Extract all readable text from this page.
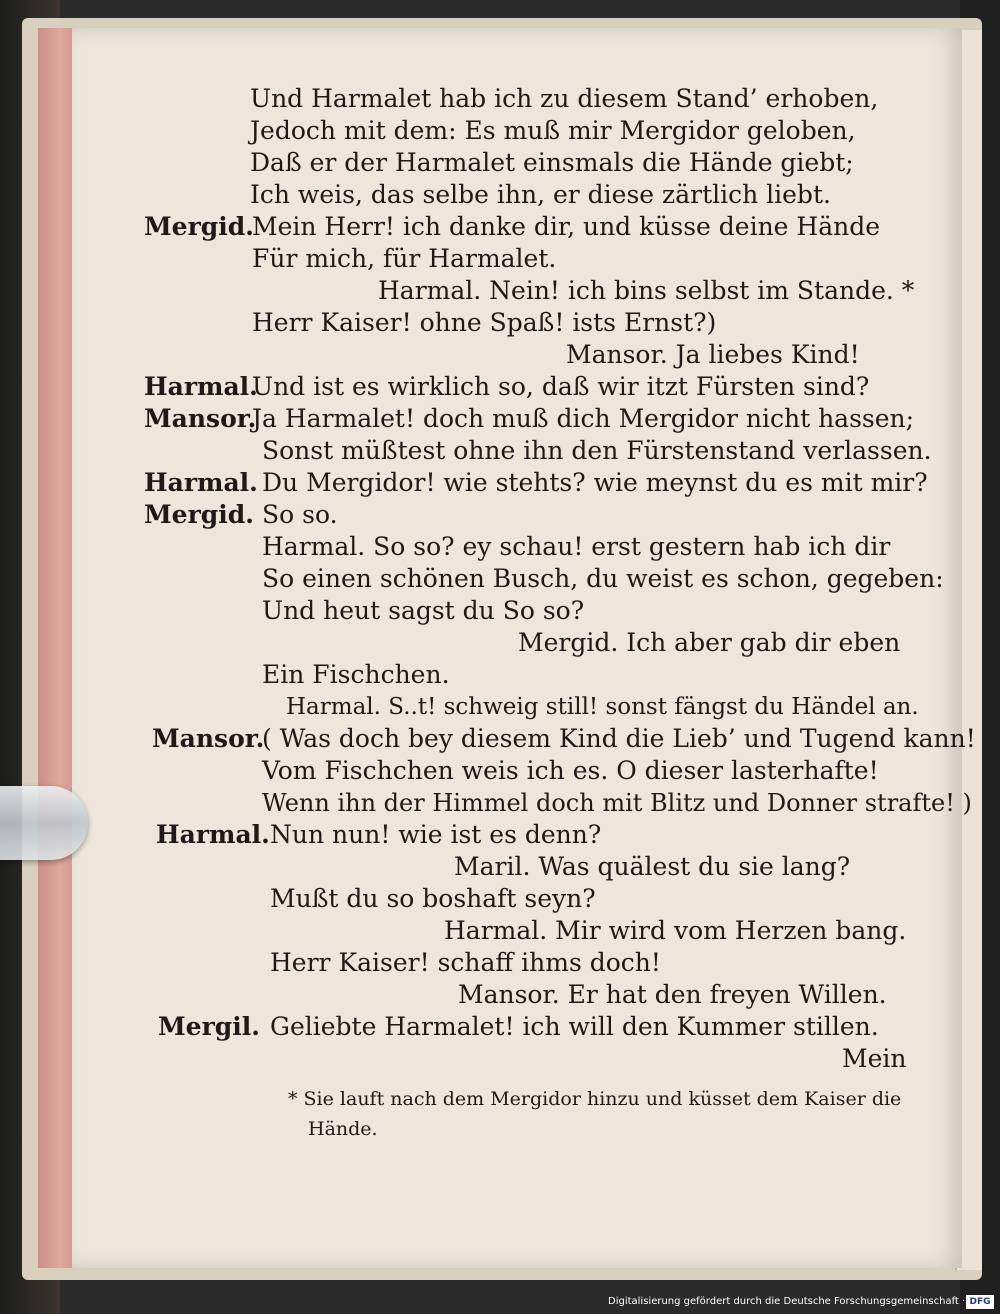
Und Harmalet hab ich zu diesem Stand’ erhoben,
Jedoch mit dem: Es muß mir Mergidor geloben,
Daß er der Harmalet einsmals die Hände giebt;
Ich weis, das selbe ihn, er diese zärtlich liebt.
Mergid.
Mein Herr! ich danke dir, und küsse deine Hände
Für mich, für Harmalet.
Harmal. Nein! ich bins selbst im Stande. *
Herr Kaiser! ohne Spaß! ists Ernst?)
Mansor. Ja liebes Kind!
Harmal.
Und ist es wirklich so, daß wir itzt Fürsten sind?
Mansor.
Ja Harmalet! doch muß dich Mergidor nicht hassen;
Sonst müßtest ohne ihn den Fürstenstand verlassen.
Harmal. Du Mergidor! wie stehts? wie meynst du es mit mir?
Mergid. So so.
Harmal. So so? ey schau! erst gestern hab ich dir
So einen schönen Busch, du weist es schon, gegeben:
Und heut sagst du So so?
Mergid. Ich aber gab dir eben
Ein Fischchen.
Harmal. S..t! schweig still! sonst fängst du Händel an.
Mansor.
( Was doch bey diesem Kind die Lieb’ und Tugend kann!
Vom Fischchen weis ich es. O dieser lasterhafte!
Wenn ihn der Himmel doch mit Blitz und Donner strafte! )
Harmal. Nun nun! wie ist es denn?
Maril. Was quälest du sie lang?
Mußt du so boshaft seyn?
Harmal. Mir wird vom Herzen bang.
Herr Kaiser! schaff ihms doch!
Mansor. Er hat den freyen Willen.
Mergil. Geliebte Harmalet! ich will den Kummer stillen.
Mein
* Sie lauft nach dem Mergidor hinzu und küsset dem Kaiser die
Hände.
Digitalisierung gefördert durch die Deutsche Forschungsgemeinschaft · DFG
